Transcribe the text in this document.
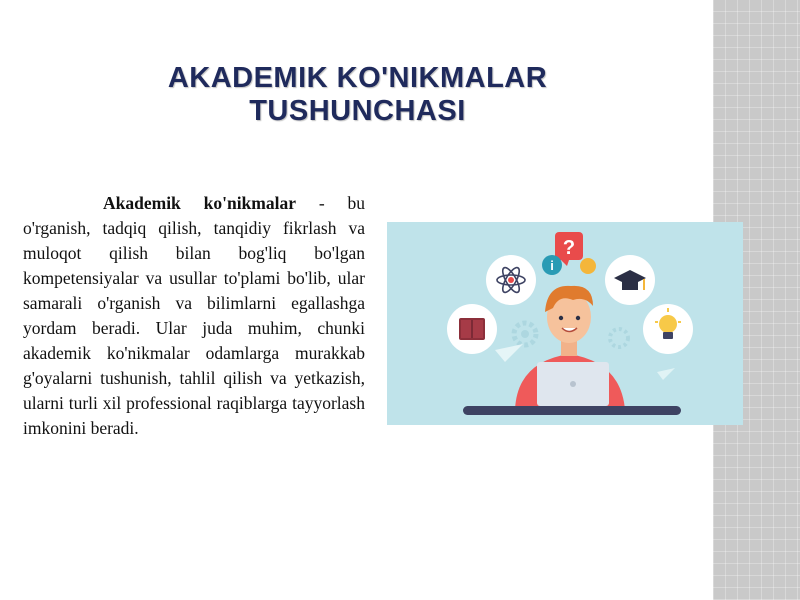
AKADEMIK KO'NIKMALAR TUSHUNCHASI

Akademik ko'nikmalar - bu o'rganish, tadqiq qilish, tanqidiy fikrlash va muloqot qilish bilan bog'liq bo'lgan kompetensiyalar va usullar to'plami bo'lib, ular samarali o'rganish va bilimlarni egallashga yordam beradi. Ular juda muhim, chunki akademik ko'nikmalar odamlarga murakkab g'oyalarni tushunish, tahlil qilish va yetkazish, ularni turli xil professional raqiblarga tayyorlash imkonini beradi.

?
i
